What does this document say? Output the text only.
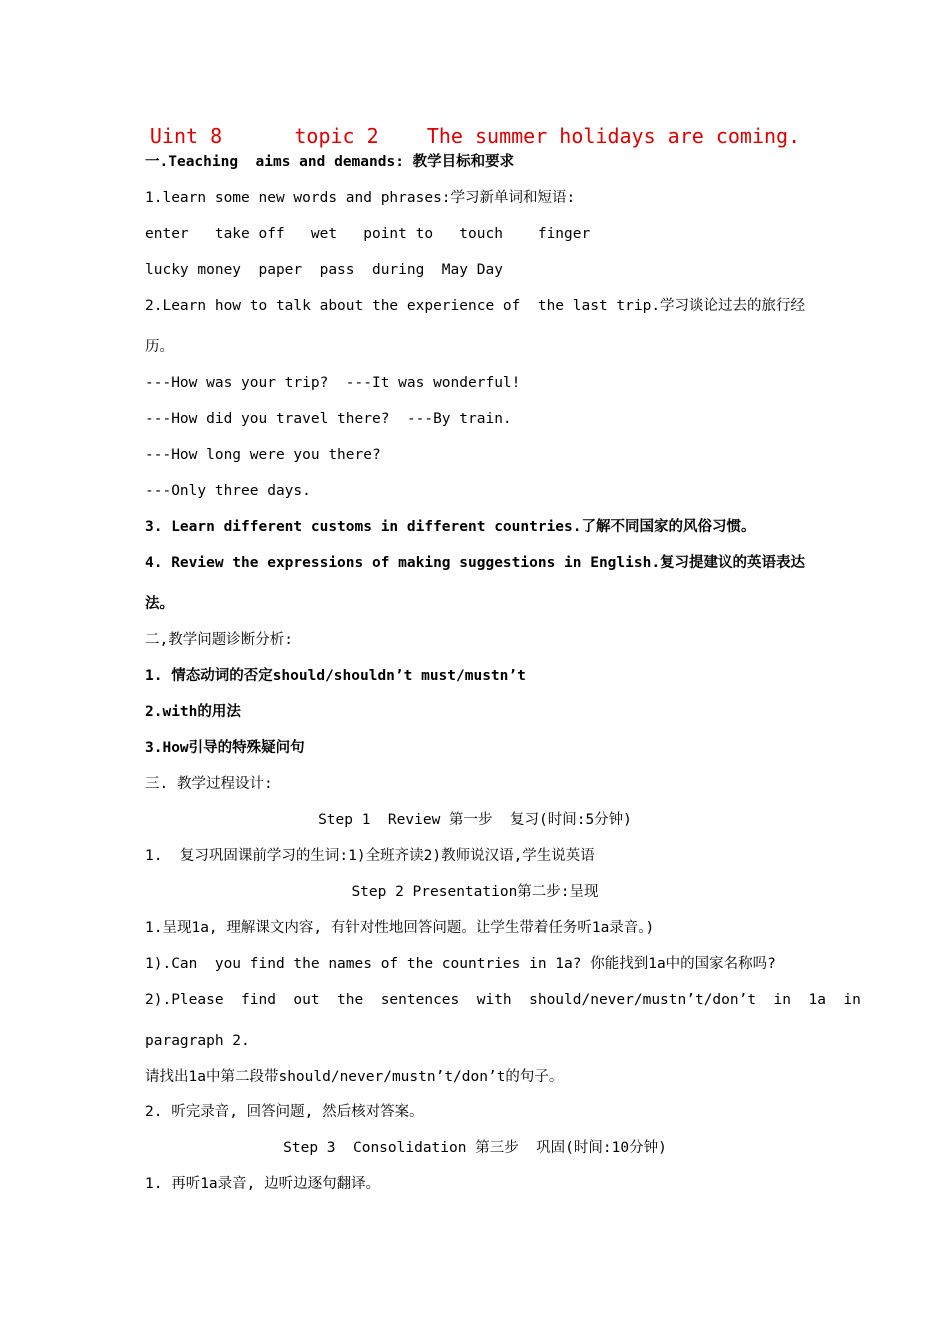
Uint 8      topic 2    The summer holidays are coming.
一.Teaching  aims and demands: 教学目标和要求
1.learn some new words and phrases:学习新单词和短语:
enter   take off   wet   point to   touch    finger
lucky money  paper  pass  during  May Day
2.Learn how to talk about the experience of  the last trip.学习谈论过去的旅行经
历。
---How was your trip?  ---It was wonderful!
---How did you travel there?  ---By train.
---How long were you there?
---Only three days.
3. Learn different customs in different countries.了解不同国家的风俗习惯。
4. Review the expressions of making suggestions in English.复习提建议的英语表达
法。
二,教学问题诊断分析:
1. 情态动词的否定should/shouldn’t must/mustn’t
2.with的用法
3.How引导的特殊疑问句
三. 教学过程设计:
Step 1  Review 第一步  复习(时间:5分钟)
1.  复习巩固课前学习的生词:1)全班齐读2)教师说汉语,学生说英语
Step 2 Presentation第二步:呈现
1.呈现1a, 理解课文内容, 有针对性地回答问题。让学生带着任务听1a录音。)
1).Can  you find the names of the countries in 1a? 你能找到1a中的国家名称吗?
2).Please  find  out  the  sentences  with  should/never/mustn’t/don’t  in  1a  in
paragraph 2.
请找出1a中第二段带should/never/mustn’t/don’t的句子。
2. 听完录音, 回答问题, 然后核对答案。
Step 3  Consolidation 第三步  巩固(时间:10分钟)
1. 再听1a录音, 边听边逐句翻译。
